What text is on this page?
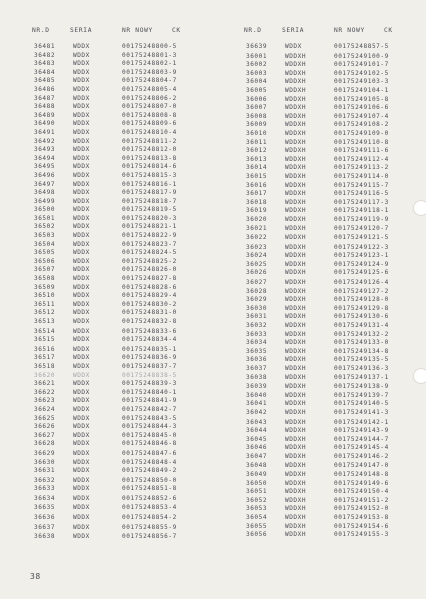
NR.D	SERIA	NR NOWY	CK
36481	WDDX	00175248800-5
36482	WDDX	00175248801-3
36483	WDDX	00175248802-1
36484	WDDX	00175248803-9
36485	WDDX	00175248804-7
36486	WDDX	00175248805-4
36487	WDDX	00175248806-2
36488	WDDX	00175248807-0
36489	WDDX	00175248808-8
36490	WDDX	00175248809-6
36491	WDDX	00175248810-4
36492	WDDX	00175248811-2
36493	WDDX	00175248812-0
36494	WDDX	00175248813-8
36495	WDDX	00175248814-6
36496	WDDX	00175248815-3
36497	WDDX	00175248816-1
36498	WDDX	00175248817-9
36499	WDDX	00175248818-7
36500	WDDX	00175248819-5
36501	WDDX	00175248820-3
36502	WDDX	00175248821-1
36503	WDDX	00175248822-9
36504	WDDX	00175248823-7
36505	WDDX	00175248824-5
36506	WDDX	00175248825-2
36507	WDDX	00175248826-0
36508	WDDX	00175248827-8
36509	WDDX	00175248828-6
36510	WDDX	00175248829-4
36511	WDDX	00175248830-2
36512	WDDX	00175248831-0
36513	WDDX	00175248832-8
36514	WDDX	00175248833-6
36515	WDDX	00175248834-4
36516	WDDX	00175248835-1
36517	WDDX	00175248836-9
36518	WDDX	00175248837-7
36620	WDDX	00175248838-5
36621	WDDX	00175248839-3
36622	WDDX	00175248840-1
36623	WDDX	00175248841-9
36624	WDDX	00175248842-7
36625	WDDX	00175248843-5
36626	WDDX	00175248844-3
36627	WDDX	00175248845-0
36628	WDDX	00175248846-8
36629	WDDX	00175248847-6
36630	WDDX	00175248848-4
36631	WDDX	00175248849-2
36632	WDDX	00175248850-0
36633	WDDX	00175248851-8
36634	WDDX	00175248852-6
36635	WDDX	00175248853-4
36636	WDDX	00175248854-2
36637	WDDX	00175248855-9
36638	WDDX	00175248856-7
NR.D	SERIA	NR NOWY	CK
36639	WDDX	00175248857-5
36001	WDDXH	00175249100-9
36002	WDDXH	00175249101-7
36003	WDDXH	00175249102-5
36004	WDDXH	00175249103-3
36005	WDDXH	00175249104-1
36006	WDDXH	00175249105-8
36007	WDDXH	00175249106-6
36008	WDDXH	00175249107-4
36009	WDDXH	00175249108-2
36010	WDDXH	00175249109-0
36011	WDDXH	00175249110-8
36012	WDDXH	00175249111-6
36013	WDDXH	00175249112-4
36014	WDDXH	00175249113-2
36015	WDDXH	00175249114-0
36016	WDDXH	00175249115-7
36017	WDDXH	00175249116-5
36018	WDDXH	00175249117-3
36019	WDDXH	00175249118-1
36020	WDDXH	00175249119-9
36021	WDDXH	00175249120-7
36022	WDDXH	00175249121-5
36023	WDDXH	00175249122-3
36024	WDDXH	00175249123-1
36025	WDDXH	00175249124-9
36026	WDDXH	00175249125-6
36027	WDDXH	00175249126-4
36028	WDDXH	00175249127-2
36029	WDDXH	00175249128-0
36030	WDDXH	00175249129-8
36031	WDDXH	00175249130-6
36032	WDDXH	00175249131-4
36033	WDDXH	00175249132-2
36034	WDDXH	00175249133-0
36035	WDDXH	00175249134-8
36036	WDDXH	00175249135-5
36037	WDDXH	00175249136-3
36038	WDDXH	00175249137-1
36039	WDDXH	00175249138-9
36040	WDDXH	00175249139-7
36041	WDDXH	00175249140-5
36042	WDDXH	00175249141-3
36043	WDDXH	00175249142-1
36044	WDDXH	00175249143-9
36045	WDDXH	00175249144-7
36046	WDDXH	00175249145-4
36047	WDDXH	00175249146-2
36048	WDDXH	00175249147-0
36049	WDDXH	00175249148-8
36050	WDDXH	00175249149-6
36051	WDDXH	00175249150-4
36052	WDDXH	00175249151-2
36053	WDDXH	00175249152-0
36054	WDDXH	00175249153-8
36055	WDDXH	00175249154-6
36056	WDDXH	00175249155-3
38
